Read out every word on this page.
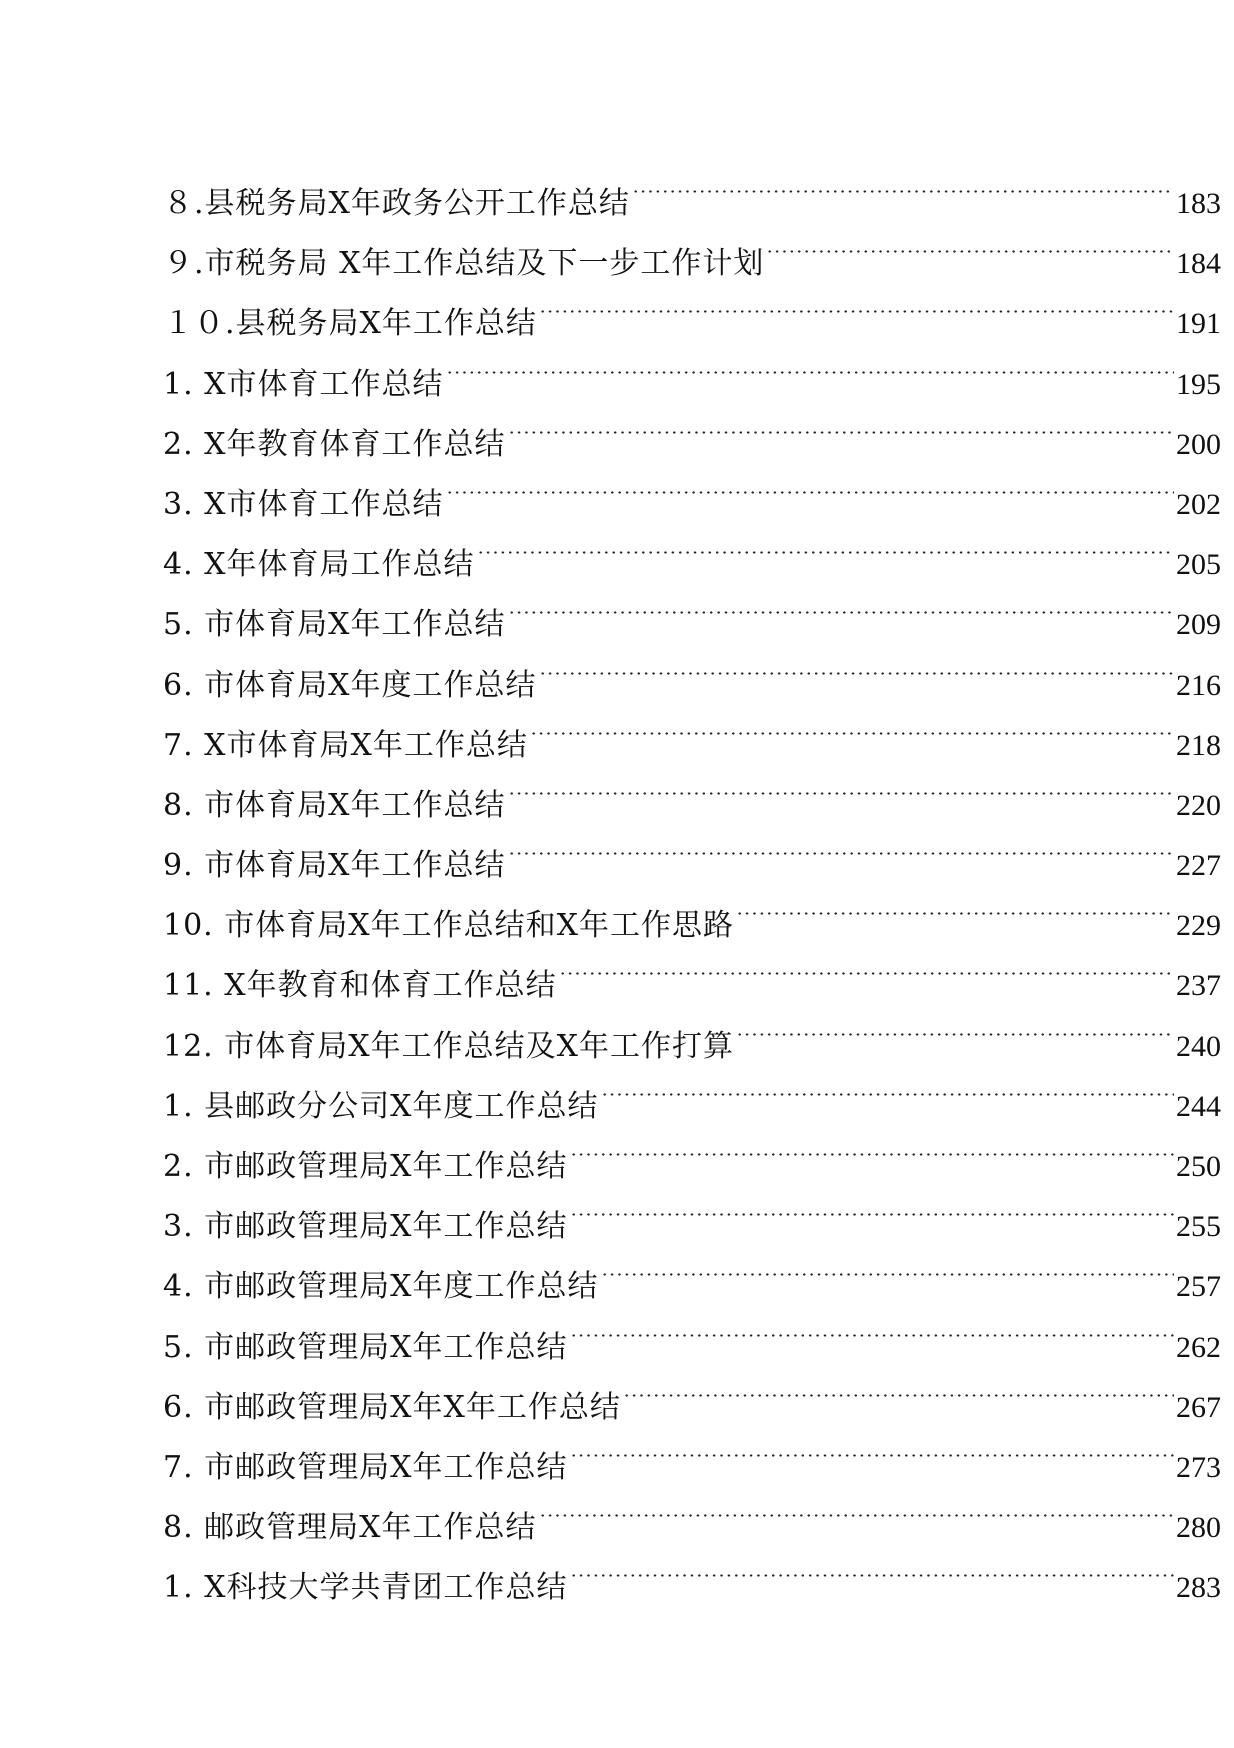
８.县税务局X年政务公开工作总结	183
９.市税务局 X年工作总结及下一步工作计划	184
１０.县税务局X年工作总结	191
1. X市体育工作总结	195
2. X年教育体育工作总结	200
3. X市体育工作总结	202
4. X年体育局工作总结	205
5. 市体育局X年工作总结	209
6. 市体育局X年度工作总结	216
7. X市体育局X年工作总结	218
8. 市体育局X年工作总结	220
9. 市体育局X年工作总结	227
10. 市体育局X年工作总结和X年工作思路	229
11. X年教育和体育工作总结	237
12. 市体育局X年工作总结及X年工作打算	240
1. 县邮政分公司X年度工作总结	244
2. 市邮政管理局X年工作总结	250
3. 市邮政管理局X年工作总结	255
4. 市邮政管理局X年度工作总结	257
5. 市邮政管理局X年工作总结	262
6. 市邮政管理局X年X年工作总结	267
7. 市邮政管理局X年工作总结	273
8. 邮政管理局X年工作总结	280
1. X科技大学共青团工作总结	283
